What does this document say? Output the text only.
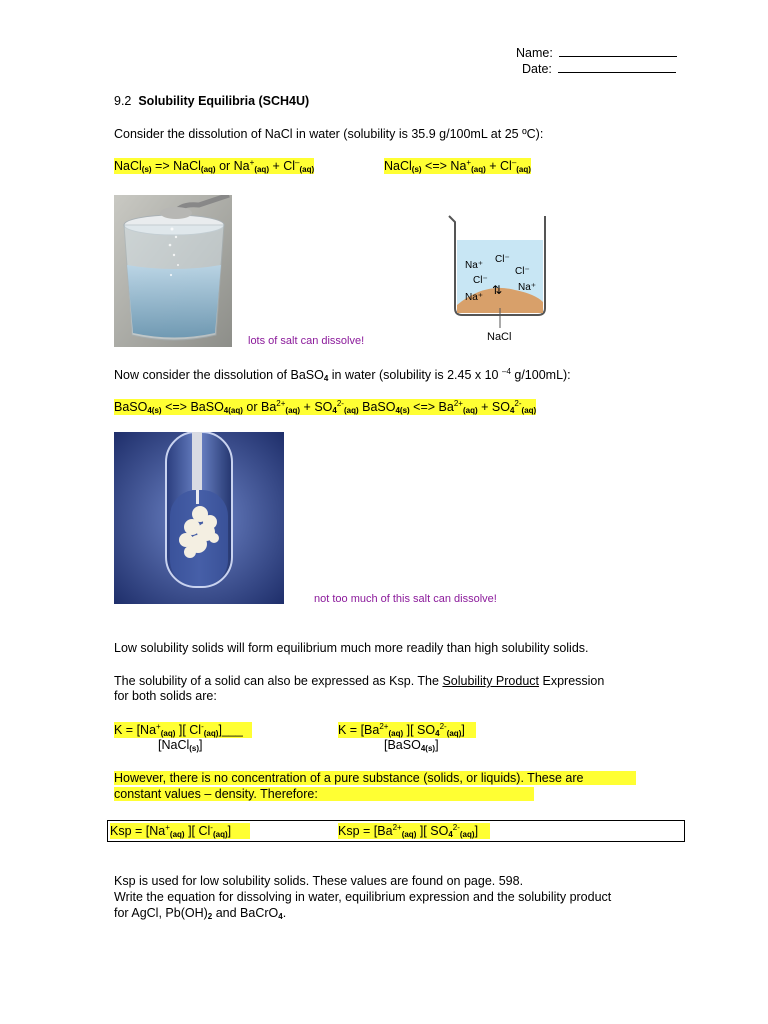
Name:
Date:
9.2 Solubility Equilibria (SCH4U)
Consider the dissolution of NaCl in water (solubility is 35.9 g/100mL at 25 ºC):
NaCl$_{(s)}$ => NaCl$_{(aq)}$ or $Na^+_{(aq)} + Cl^-_{(aq)}$	NaCl$_{(s)}$ <=> $Na^+_{(aq)} + Cl^-_{(aq)}$
lots of salt can dissolve!
Na⁺
Cl⁻
Cl⁻
Cl⁻
Na⁺
Na⁺
⇅
NaCl
Now consider the dissolution of BaSO$_4$ in water (solubility is 2.45 x 10 $^{-4}$ g/100mL):
BaSO$_{4(s)}$ <=> BaSO$_{4(aq)}$ or $Ba^{2+}_{(aq)} + SO_4^{2-}_{(aq)}$ BaSO$_{4(s)}$ <=> $Ba^{2+}_{(aq)} + SO_4^{2-}_{(aq)}$
not too much of this salt can dissolve!
Low solubility solids will form equilibrium much more readily than high solubility solids.
The solubility of a solid can also be expressed as Ksp. The Solubility Product Expression
for both solids are:
$K = [Na^+_{(aq)}$ ][ $Cl^-_{(aq)}]\_\_\_$
[NaCl$_{(s)}$]
$K = [Ba^{2+}_{(aq)}$ ][ $SO_4^{2-}_{(aq)}$]
[BaSO$_{4(s)}$]
However, there is no concentration of a pure substance (solids, or liquids). These are
constant values – density. Therefore:
Ksp = [$Na^+_{(aq)}$ ][ $Cl^-_{(aq)}$]	Ksp = [$Ba^{2+}_{(aq)}$ ][ $SO_4^{2-}_{(aq)}$]
Ksp is used for low solubility solids. These values are found on page. 598.
Write the equation for dissolving in water, equilibrium expression and the solubility product
for AgCl, $Pb(OH)_2$ and BaCrO$_4$.
